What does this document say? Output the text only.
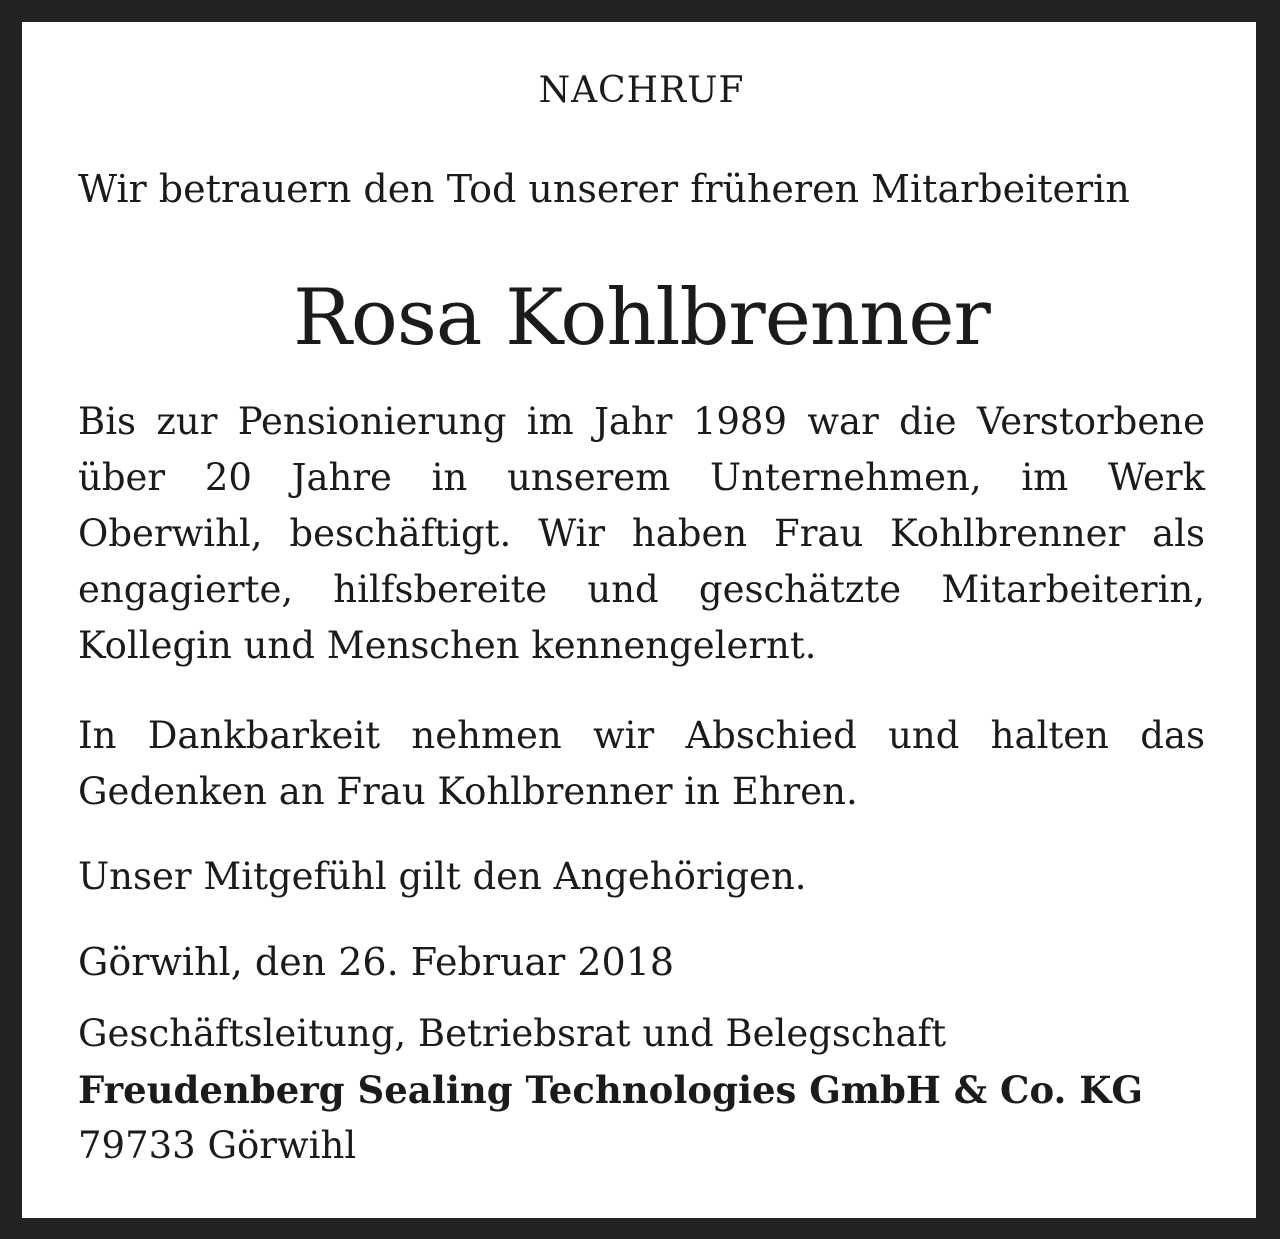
NACHRUF

Wir betrauern den Tod unserer früheren Mitarbeiterin

Rosa Kohlbrenner

Bis zur Pensionierung im Jahr 1989 war die Verstorbene über 20 Jahre in unserem Unternehmen, im Werk Oberwihl, beschäftigt. Wir haben Frau Kohlbrenner als engagierte, hilfsbereite und geschätzte Mitarbeiterin, Kollegin und Menschen kennengelernt.

In Dankbarkeit nehmen wir Abschied und halten das Gedenken an Frau Kohlbrenner in Ehren.

Unser Mitgefühl gilt den Angehörigen.

Görwihl, den 26. Februar 2018

Geschäftsleitung, Betriebsrat und Belegschaft
Freudenberg Sealing Technologies GmbH & Co. KG
79733 Görwihl
